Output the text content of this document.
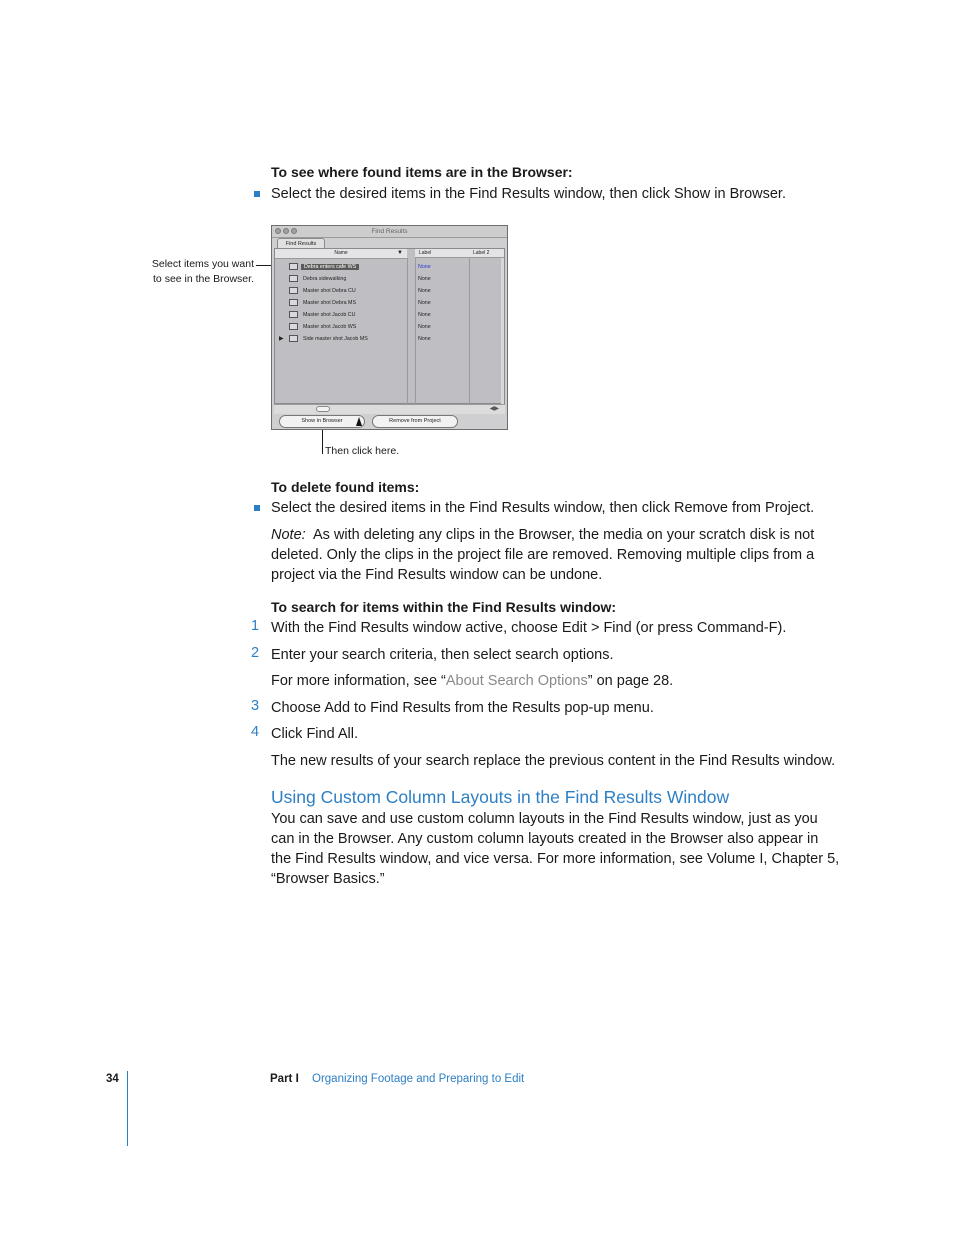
To see where found items are in the Browser:
Select the desired items in the Find Results window, then click Show in Browser.
Select items you want
to see in the Browser.
Find Results
Find Results
Name	▼	Label	Label 2
Debra enters cafe WS	None
Debra sidewalking	None
Master shot Debra CU	None
Master shot Debra MS	None
Master shot Jacob CU	None
Master shot Jacob WS	None
▶	Side master shot Jacob MS	None
◀▶
Show in Browser	Remove from Project
Then click here.
To delete found items:
Select the desired items in the Find Results window, then click Remove from Project.
Note: As with deleting any clips in the Browser, the media on your scratch disk is not
deleted. Only the clips in the project file are removed. Removing multiple clips from a
project via the Find Results window can be undone.
To search for items within the Find Results window:
1 With the Find Results window active, choose Edit > Find (or press Command-F).
2 Enter your search criteria, then select search options.
For more information, see “About Search Options” on page 28.
3 Choose Add to Find Results from the Results pop-up menu.
4 Click Find All.
The new results of your search replace the previous content in the Find Results window.
Using Custom Column Layouts in the Find Results Window
You can save and use custom column layouts in the Find Results window, just as you
can in the Browser. Any custom column layouts created in the Browser also appear in
the Find Results window, and vice versa. For more information, see Volume I, Chapter 5,
“Browser Basics.”
34	Part I Organizing Footage and Preparing to Edit
